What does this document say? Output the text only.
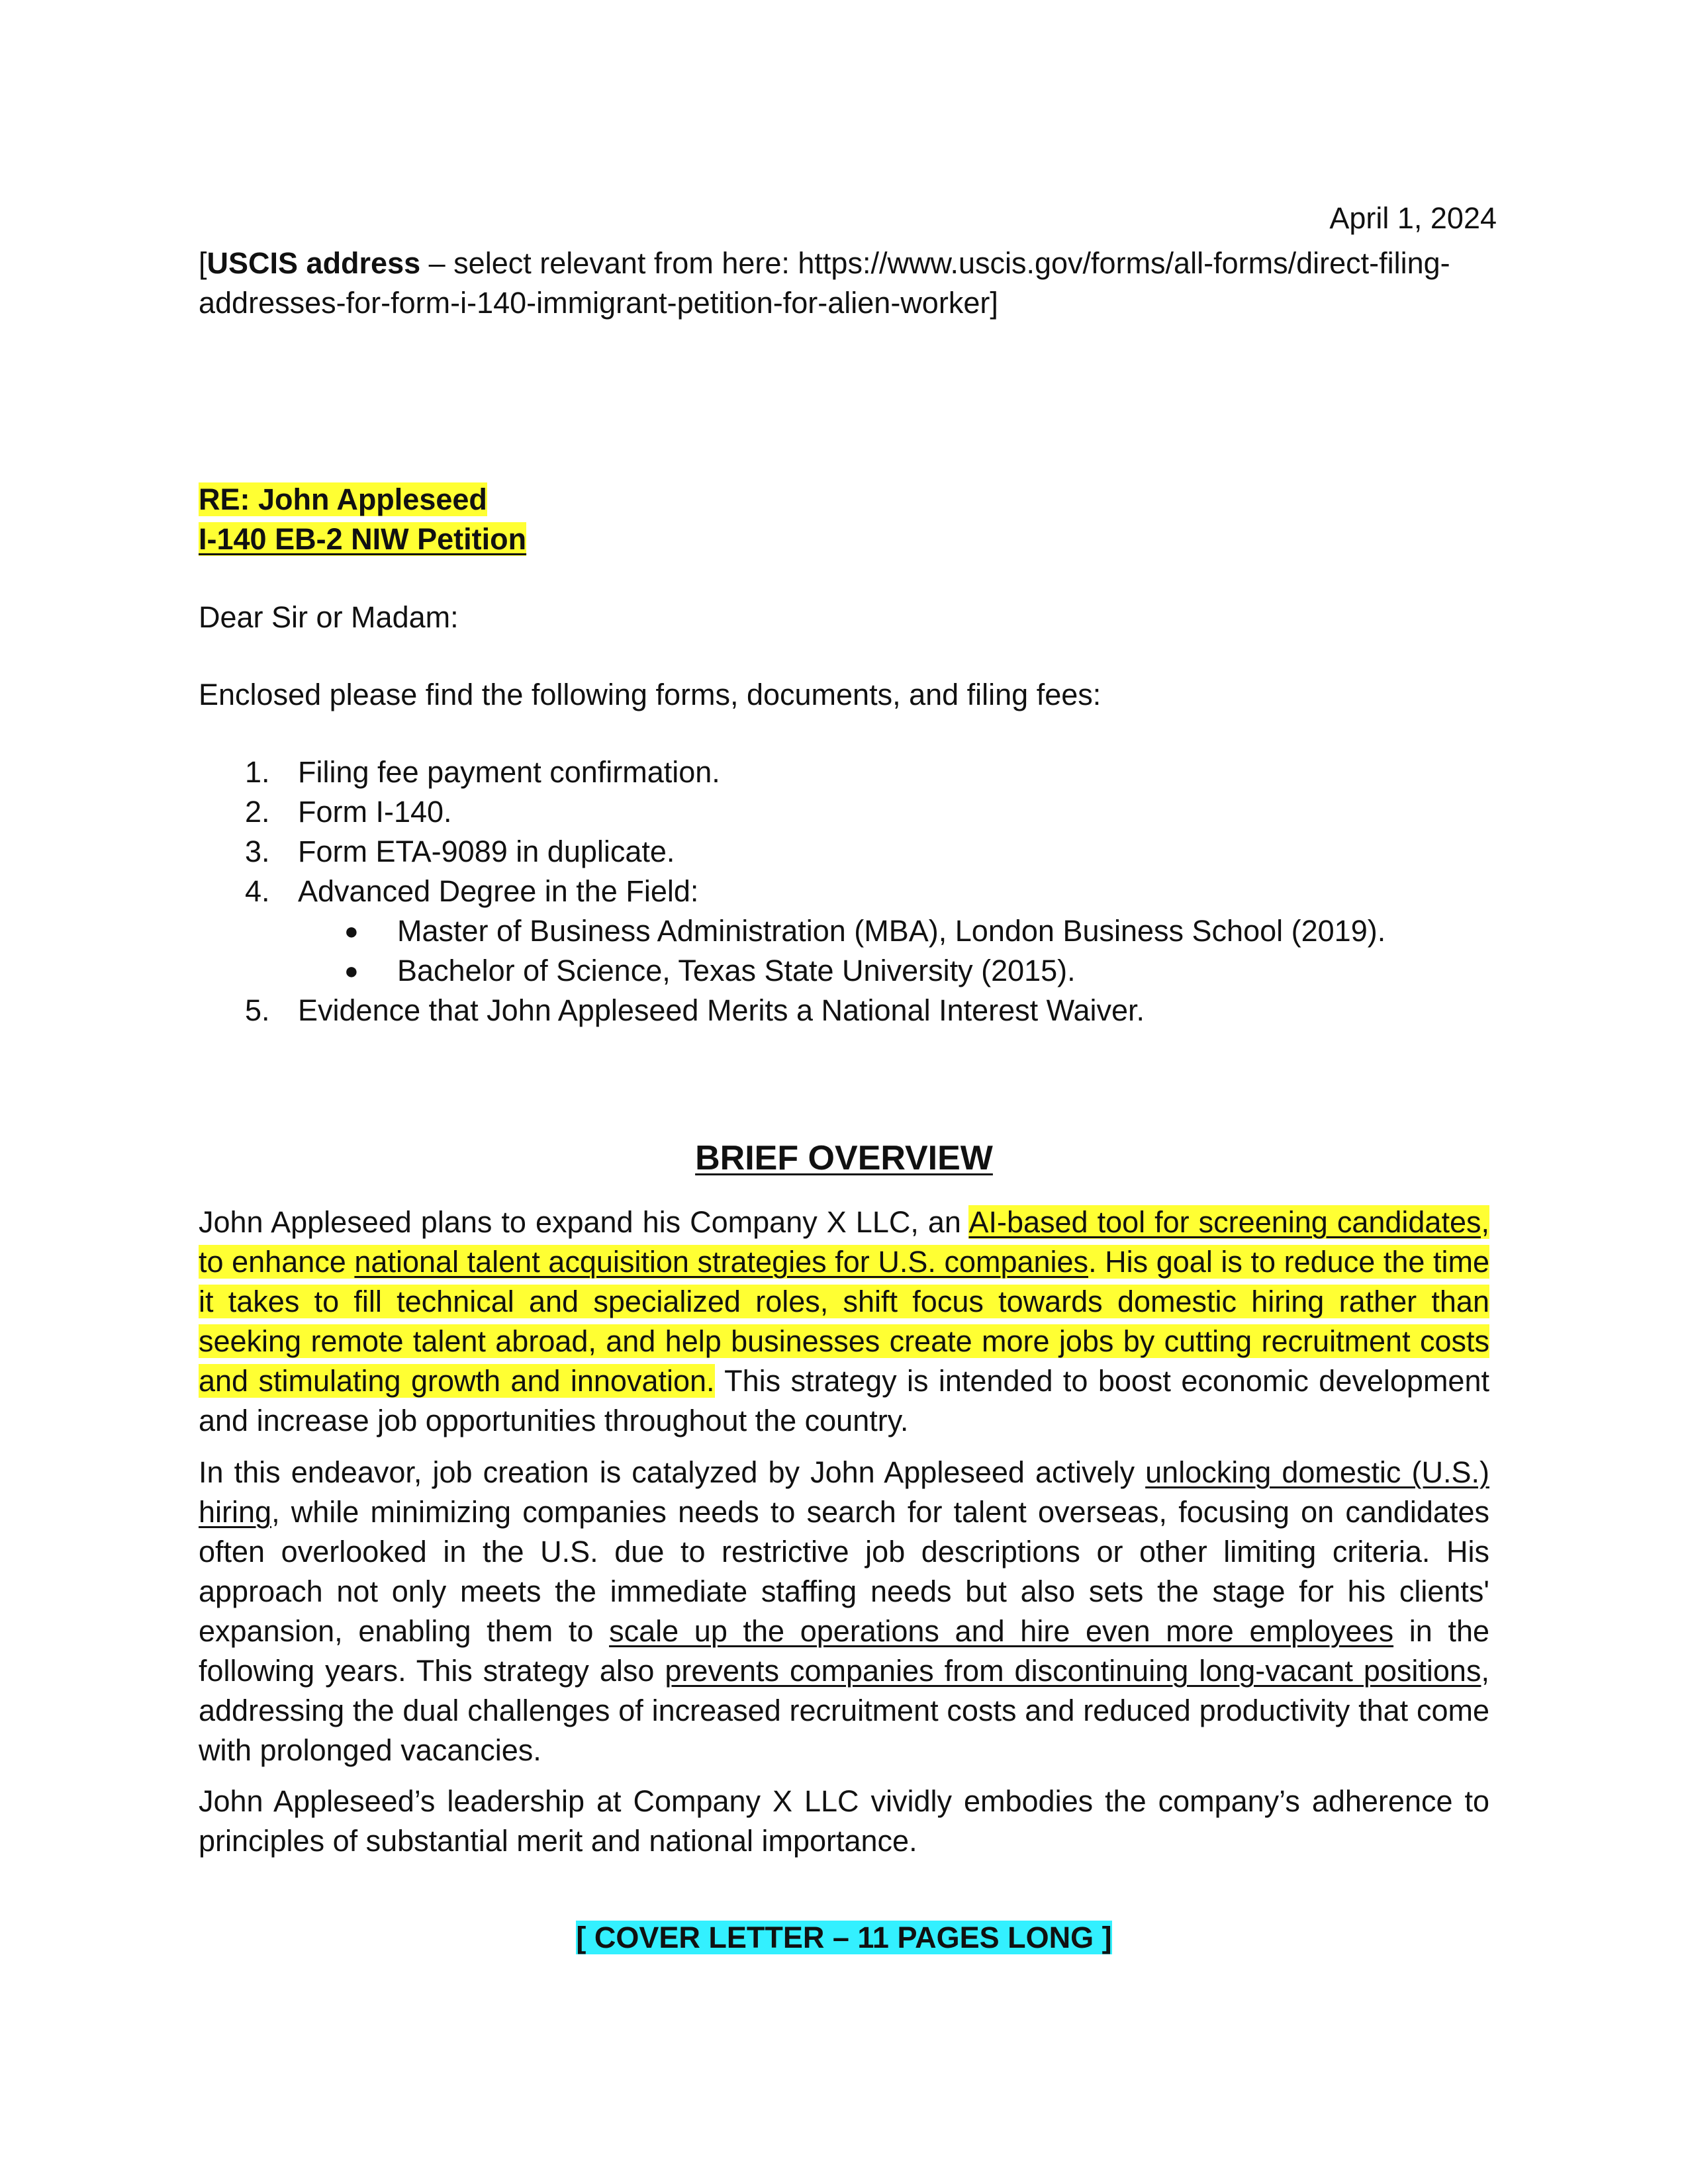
April 1, 2024
[USCIS address – select relevant from here: https://www.uscis.gov/forms/all-forms/direct-filing-addresses-for-form-i-140-immigrant-petition-for-alien-worker]
RE: John Appleseed
I-140 EB-2 NIW Petition
Dear Sir or Madam:
Enclosed please find the following forms, documents, and filing fees:
1. Filing fee payment confirmation.
2. Form I-140.
3. Form ETA-9089 in duplicate.
4. Advanced Degree in the Field:
● Master of Business Administration (MBA), London Business School (2019).
● Bachelor of Science, Texas State University (2015).
5. Evidence that John Appleseed Merits a National Interest Waiver.
BRIEF OVERVIEW

John Appleseed plans to expand his Company X LLC, an AI-based tool for screening candidates, to enhance national talent acquisition strategies for U.S. companies. His goal is to reduce the time it takes to fill technical and specialized roles, shift focus towards domestic hiring rather than seeking remote talent abroad, and help businesses create more jobs by cutting recruitment costs and stimulating growth and innovation. This strategy is intended to boost economic development and increase job opportunities throughout the country.

In this endeavor, job creation is catalyzed by John Appleseed actively unlocking domestic (U.S.) hiring, while minimizing companies needs to search for talent overseas, focusing on candidates often overlooked in the U.S. due to restrictive job descriptions or other limiting criteria. His approach not only meets the immediate staffing needs but also sets the stage for his clients' expansion, enabling them to scale up the operations and hire even more employees in the following years. This strategy also prevents companies from discontinuing long-vacant positions, addressing the dual challenges of increased recruitment costs and reduced productivity that come with prolonged vacancies.

John Appleseed’s leadership at Company X LLC vividly embodies the company’s adherence to principles of substantial merit and national importance.

[ COVER LETTER – 11 PAGES LONG ]
